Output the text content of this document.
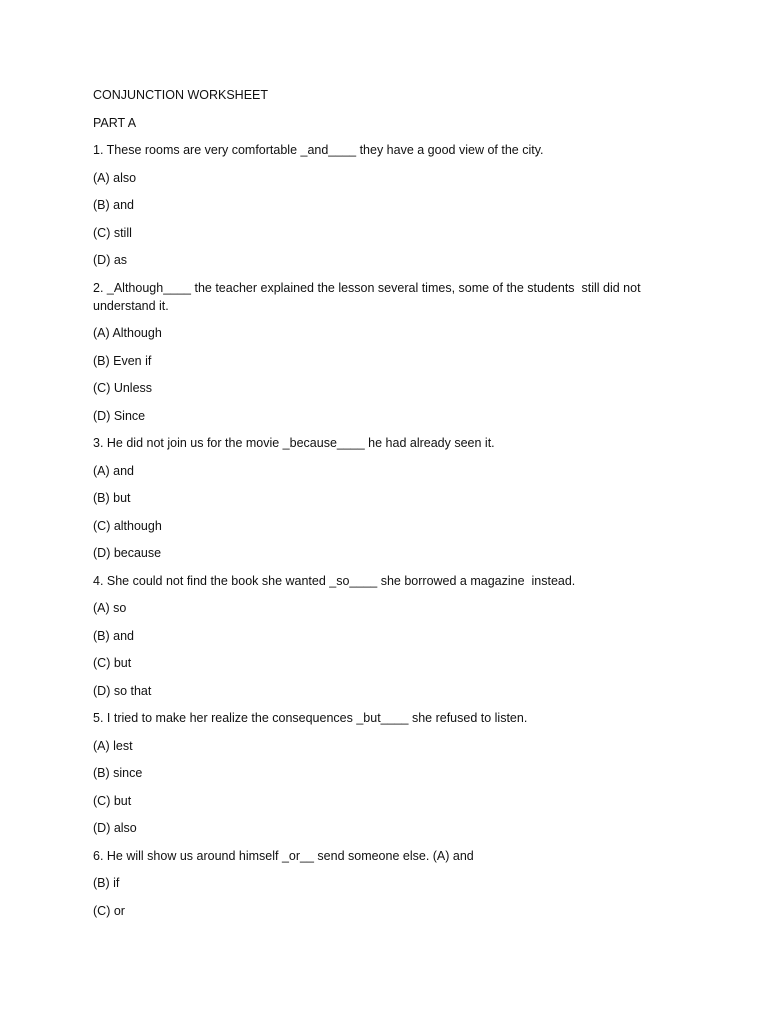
CONJUNCTION WORKSHEET
PART A
1. These rooms are very comfortable _and____ they have a good view of the city.
(A) also
(B) and
(C) still
(D) as
2. _Although____ the teacher explained the lesson several times, some of the students  still did not understand it.
(A) Although
(B) Even if
(C) Unless
(D) Since
3. He did not join us for the movie _because____ he had already seen it.
(A) and
(B) but
(C) although
(D) because
4. She could not find the book she wanted _so____ she borrowed a magazine  instead.
(A) so
(B) and
(C) but
(D) so that
5. I tried to make her realize the consequences _but____ she refused to listen.
(A) lest
(B) since
(C) but
(D) also
6. He will show us around himself _or__ send someone else. (A) and
(B) if
(C) or
